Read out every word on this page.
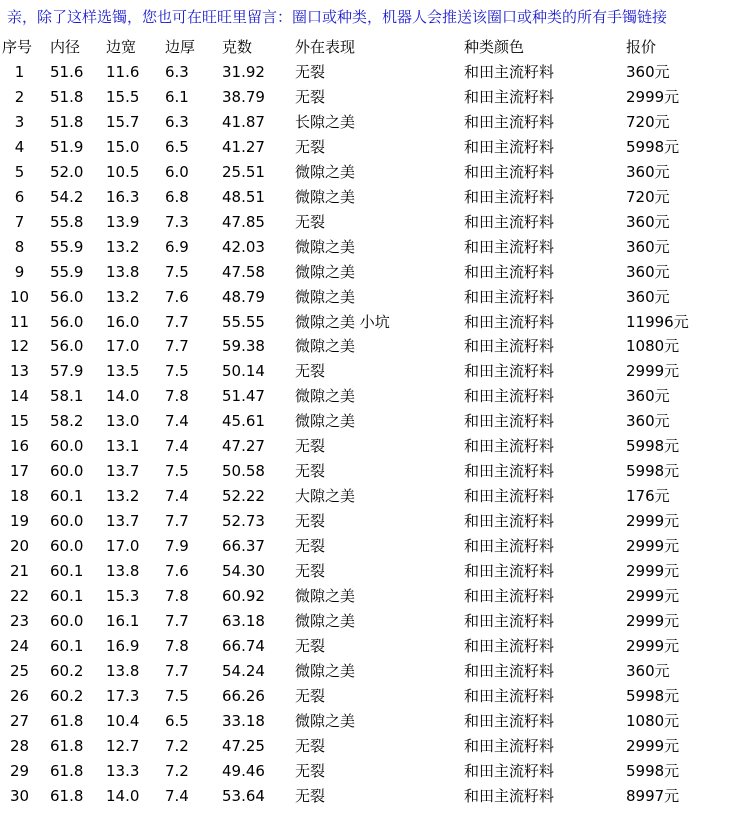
亲，除了这样选镯，您也可在旺旺里留言：圈口或种类，机器人会推送该圈口或种类的所有手镯链接
序号	内径	边宽	边厚	克数	外在表现	种类颜色	报价
1	51.6	11.6	6.3	31.92	无裂	和田主流籽料	360元
2	51.8	15.5	6.1	38.79	无裂	和田主流籽料	2999元
3	51.8	15.7	6.3	41.87	长隙之美	和田主流籽料	720元
4	51.9	15.0	6.5	41.27	无裂	和田主流籽料	5998元
5	52.0	10.5	6.0	25.51	微隙之美	和田主流籽料	360元
6	54.2	16.3	6.8	48.51	微隙之美	和田主流籽料	720元
7	55.8	13.9	7.3	47.85	无裂	和田主流籽料	360元
8	55.9	13.2	6.9	42.03	微隙之美	和田主流籽料	360元
9	55.9	13.8	7.5	47.58	微隙之美	和田主流籽料	360元
10	56.0	13.2	7.6	48.79	微隙之美	和田主流籽料	360元
11	56.0	16.0	7.7	55.55	微隙之美 小坑	和田主流籽料	11996元
12	56.0	17.0	7.7	59.38	微隙之美	和田主流籽料	1080元
13	57.9	13.5	7.5	50.14	无裂	和田主流籽料	2999元
14	58.1	14.0	7.8	51.47	微隙之美	和田主流籽料	360元
15	58.2	13.0	7.4	45.61	微隙之美	和田主流籽料	360元
16	60.0	13.1	7.4	47.27	无裂	和田主流籽料	5998元
17	60.0	13.7	7.5	50.58	无裂	和田主流籽料	5998元
18	60.1	13.2	7.4	52.22	大隙之美	和田主流籽料	176元
19	60.0	13.7	7.7	52.73	无裂	和田主流籽料	2999元
20	60.0	17.0	7.9	66.37	无裂	和田主流籽料	2999元
21	60.1	13.8	7.6	54.30	无裂	和田主流籽料	2999元
22	60.1	15.3	7.8	60.92	微隙之美	和田主流籽料	2999元
23	60.0	16.1	7.7	63.18	微隙之美	和田主流籽料	2999元
24	60.1	16.9	7.8	66.74	无裂	和田主流籽料	2999元
25	60.2	13.8	7.7	54.24	微隙之美	和田主流籽料	360元
26	60.2	17.3	7.5	66.26	无裂	和田主流籽料	5998元
27	61.8	10.4	6.5	33.18	微隙之美	和田主流籽料	1080元
28	61.8	12.7	7.2	47.25	无裂	和田主流籽料	2999元
29	61.8	13.3	7.2	49.46	无裂	和田主流籽料	5998元
30	61.8	14.0	7.4	53.64	无裂	和田主流籽料	8997元
